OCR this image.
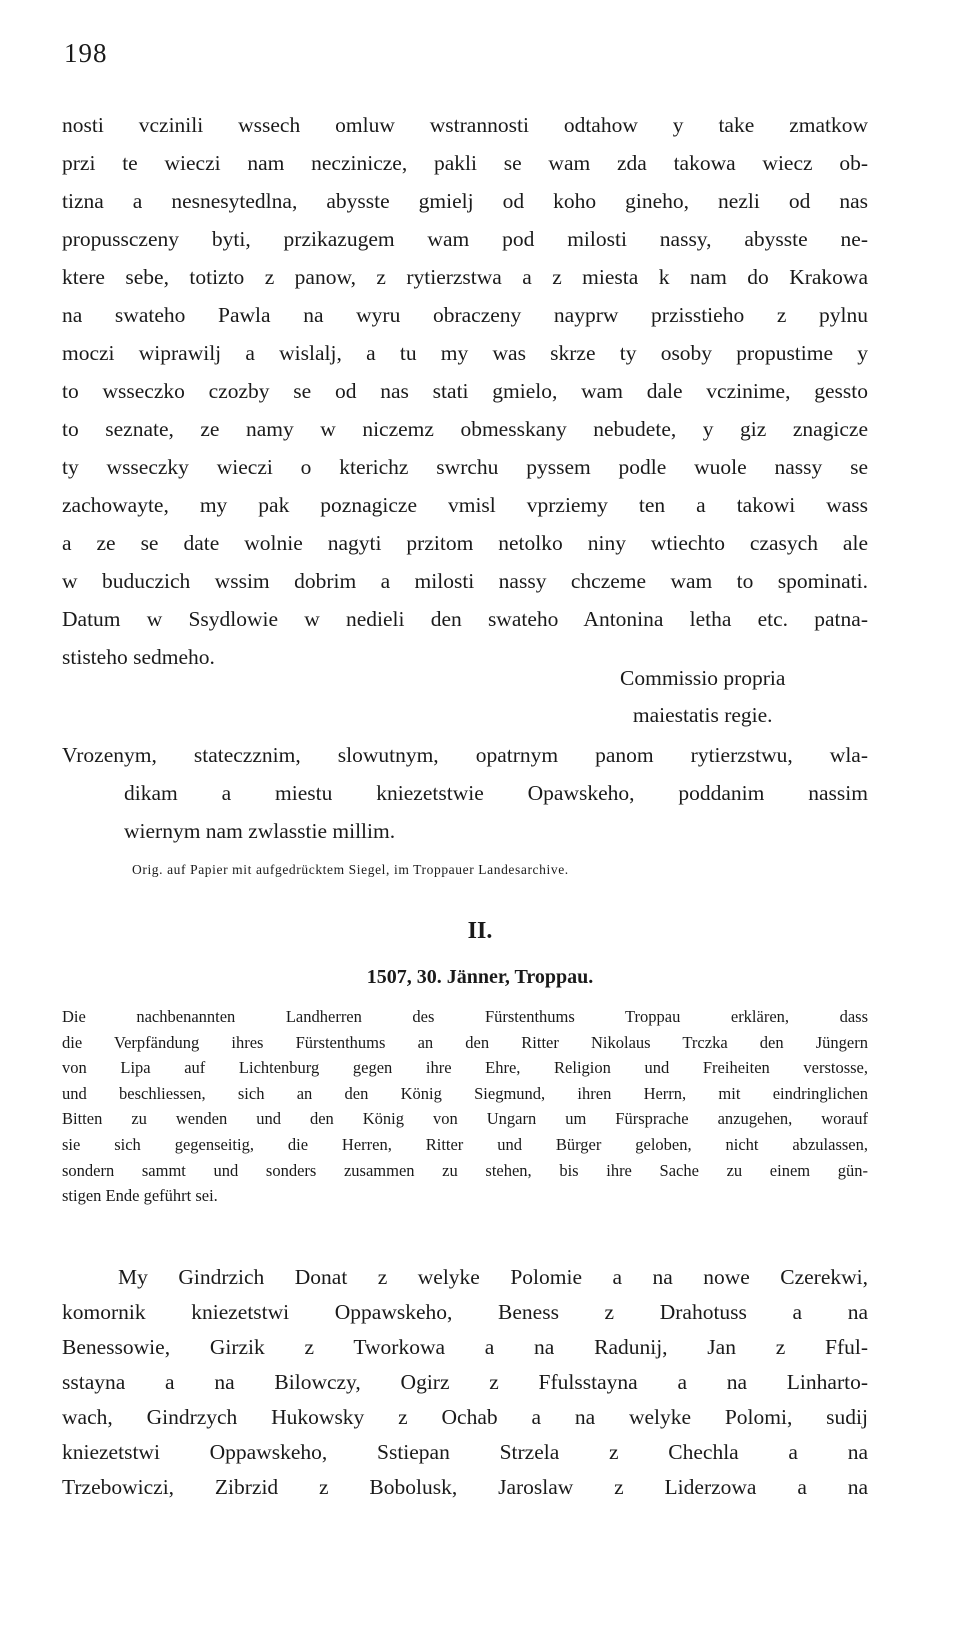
198
nosti vczinili wssech omluw wstrannosti odtahow y take zmatkow
przi te wieczi nam neczinicze, pakli se wam zda takowa wiecz ob-
tizna a nesnesytedlna, abysste gmielj od koho gineho, nezli od nas
propussczeny byti, przikazugem wam pod milosti nassy, abysste ne-
ktere sebe, totizto z panow, z rytierzstwa a z miesta k nam do Krakowa
na swateho Pawla na wyru obraczeny nayprw przisstieho z pylnu
moczi wiprawilj a wislalj, a tu my was skrze ty osoby propustime y
to wsseczko czozby se od nas stati gmielo, wam dale vczinime, gessto
to seznate, ze namy w niczemz obmesskany nebudete, y giz znagicze
ty wsseczky wieczi o kterichz swrchu pyssem podle wuole nassy se
zachowayte, my pak poznagicze vmisl vprziemy ten a takowi wass
a ze se date wolnie nagyti przitom netolko niny wtiechto czasych ale
w buduczich wssim dobrim a milosti nassy chczeme wam to spominati.
Datum w Ssydlowie w nedieli den swateho Antonina letha etc. patna-
stisteho sedmeho.
Commissio propria
maiestatis regie.
Vrozenym, stateczznim, slowutnym, opatrnym panom rytierzstwu, wla-
dikam a miestu kniezetstwie Opawskeho, poddanim nassim
wiernym nam zwlasstie millim.
Orig. auf Papier mit aufgedrücktem Siegel, im Troppauer Landesarchive.
II.
1507, 30. Jänner, Troppau.
Die nachbenannten Landherren des Fürstenthums Troppau erklären, dass
die Verpfändung ihres Fürstenthums an den Ritter Nikolaus Trczka den Jüngern
von Lipa auf Lichtenburg gegen ihre Ehre, Religion und Freiheiten verstosse,
und beschliessen, sich an den König Siegmund, ihren Herrn, mit eindringlichen
Bitten zu wenden und den König von Ungarn um Fürsprache anzugehen, worauf
sie sich gegenseitig, die Herren, Ritter und Bürger geloben, nicht abzulassen,
sondern sammt und sonders zusammen zu stehen, bis ihre Sache zu einem gün-
stigen Ende geführt sei.
My Gindrzich Donat z welyke Polomie a na nowe Czerekwi,
komornik kniezetstwi Oppawskeho, Beness z Drahotuss a na
Benessowie, Girzik z Tworkowa a na Radunij, Jan z Fful-
sstayna a na Bilowczy, Ogirz z Ffulsstayna a na Linharto-
wach, Gindrzych Hukowsky z Ochab a na welyke Polomi, sudij
kniezetstwi Oppawskeho, Sstiepan Strzela z Chechla a na
Trzebowiczi, Zibrzid z Bobolusk, Jaroslaw z Liderzowa a na
